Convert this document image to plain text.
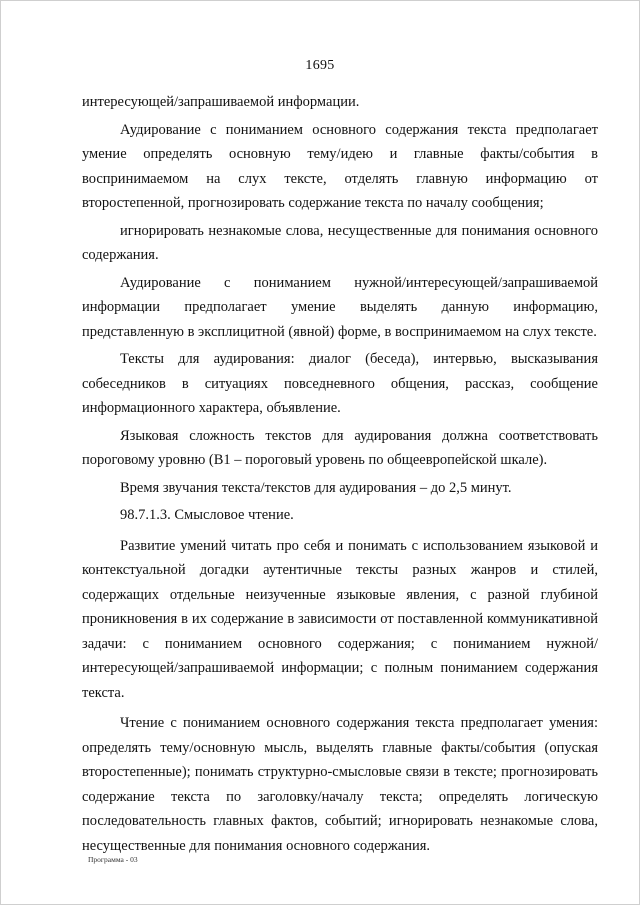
1695

интересующей/запрашиваемой информации.

Аудирование с пониманием основного содержания текста предполагает умение определять основную тему/идею и главные факты/события в воспринимаемом на слух тексте, отделять главную информацию от второстепенной, прогнозировать содержание текста по началу сообщения;

игнорировать незнакомые слова, несущественные для понимания основного содержания.

Аудирование с пониманием нужной/интересующей/запрашиваемой информации предполагает умение выделять данную информацию, представленную в эксплицитной (явной) форме, в воспринимаемом на слух тексте.

Тексты для аудирования: диалог (беседа), интервью, высказывания собеседников в ситуациях повседневного общения, рассказ, сообщение информационного характера, объявление.

Языковая сложность текстов для аудирования должна соответствовать пороговому уровню (В1 – пороговый уровень по общеевропейской шкале).

Время звучания текста/текстов для аудирования – до 2,5 минут.

98.7.1.3. Смысловое чтение.

Развитие умений читать про себя и понимать с использованием языковой и контекстуальной догадки аутентичные тексты разных жанров и стилей, содержащих отдельные неизученные языковые явления, с разной глубиной проникновения в их содержание в зависимости от поставленной коммуникативной задачи: с пониманием основного содержания; с пониманием нужной/интересующей/запрашиваемой информации; с полным пониманием содержания текста.

Чтение с пониманием основного содержания текста предполагает умения: определять тему/основную мысль, выделять главные факты/события (опуская второстепенные); понимать структурно-смысловые связи в тексте; прогнозировать содержание текста по заголовку/началу текста; определять логическую последовательность главных фактов, событий; игнорировать незнакомые слова, несущественные для понимания основного содержания.

Программа - 03
